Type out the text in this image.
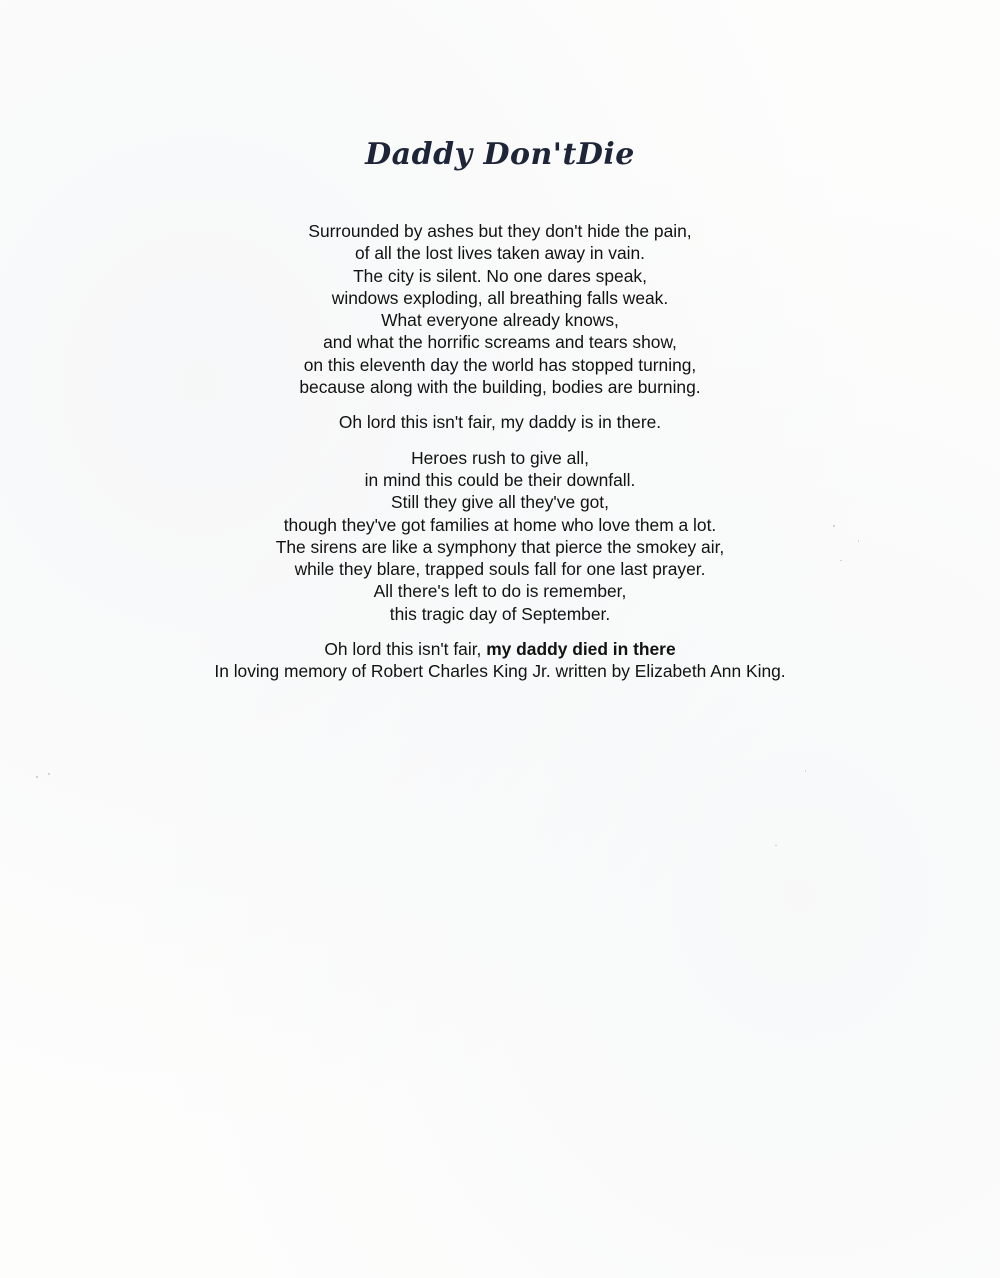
Daddy Don'tDie
Surrounded by ashes but they don't hide the pain,
of all the lost lives taken away in vain.
The city is silent. No one dares speak,
windows exploding, all breathing falls weak.
What everyone already knows,
and what the horrific screams and tears show,
on this eleventh day the world has stopped turning,
because along with the building, bodies are burning.
Oh lord this isn't fair, my daddy is in there.
Heroes rush to give all,
in mind this could be their downfall.
Still they give all they've got,
though they've got families at home who love them a lot.
The sirens are like a symphony that pierce the smokey air,
while they blare, trapped souls fall for one last prayer.
All there's left to do is remember,
this tragic day of September.
Oh lord this isn't fair, my daddy died in there
In loving memory of Robert Charles King Jr. written by Elizabeth Ann King.
